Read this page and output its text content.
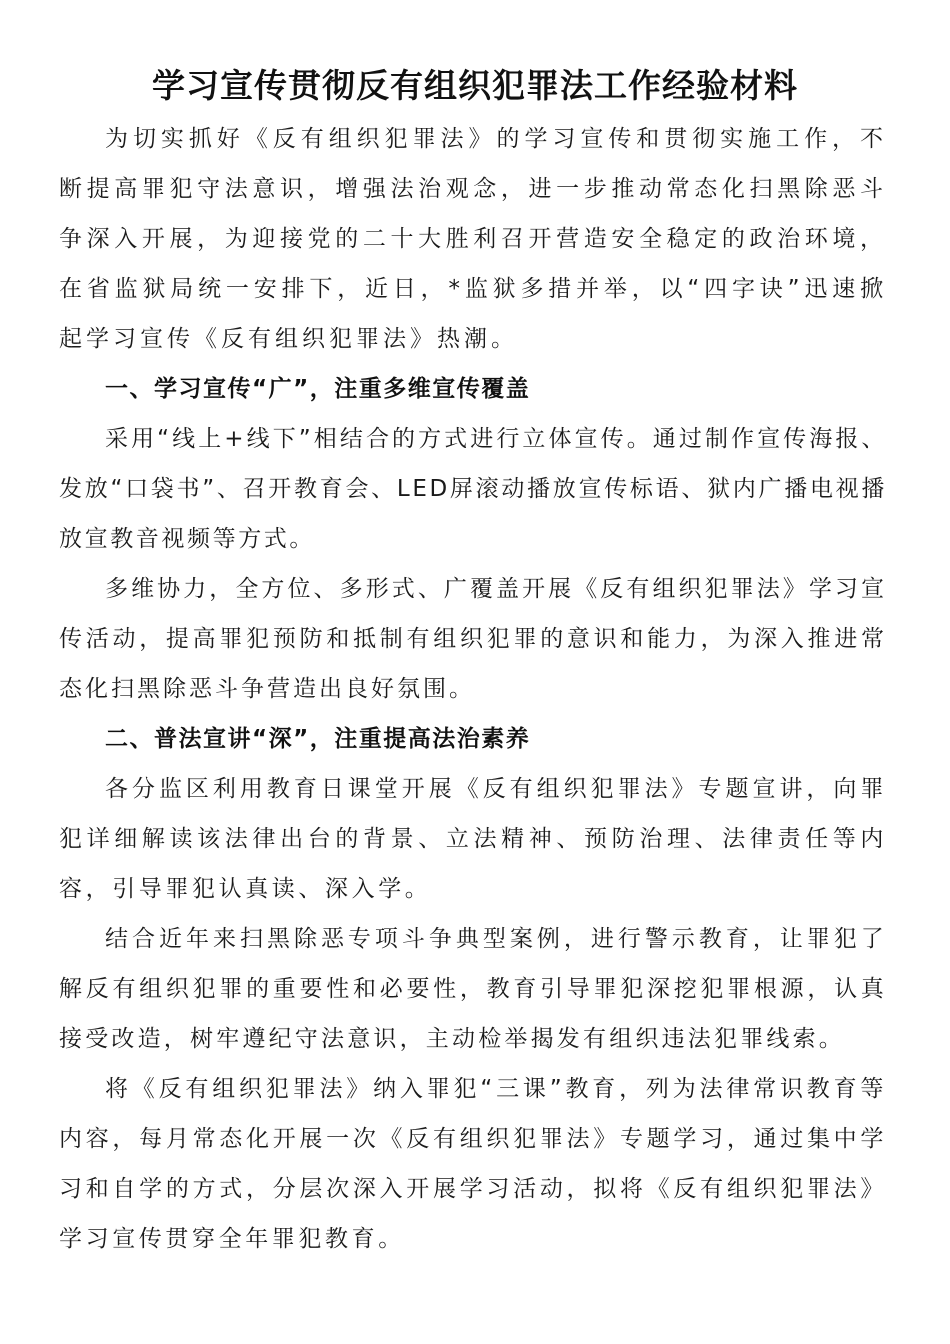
学习宣传贯彻反有组织犯罪法工作经验材料

为切实抓好《反有组织犯罪法》的学习宣传和贯彻实施工作，不断提高罪犯守法意识，增强法治观念，进一步推动常态化扫黑除恶斗争深入开展，为迎接党的二十大胜利召开营造安全稳定的政治环境，在省监狱局统一安排下，近日，*监狱多措并举，以“四字诀”迅速掀起学习宣传《反有组织犯罪法》热潮。

一、学习宣传“广”，注重多维宣传覆盖

采用“线上+线下”相结合的方式进行立体宣传。通过制作宣传海报、发放“口袋书”、召开教育会、LED屏滚动播放宣传标语、狱内广播电视播放宣教音视频等方式。

多维协力，全方位、多形式、广覆盖开展《反有组织犯罪法》学习宣传活动，提高罪犯预防和抵制有组织犯罪的意识和能力，为深入推进常态化扫黑除恶斗争营造出良好氛围。

二、普法宣讲“深”，注重提高法治素养

各分监区利用教育日课堂开展《反有组织犯罪法》专题宣讲，向罪犯详细解读该法律出台的背景、立法精神、预防治理、法律责任等内容，引导罪犯认真读、深入学。

结合近年来扫黑除恶专项斗争典型案例，进行警示教育，让罪犯了解反有组织犯罪的重要性和必要性，教育引导罪犯深挖犯罪根源，认真接受改造，树牢遵纪守法意识，主动检举揭发有组织违法犯罪线索。

将《反有组织犯罪法》纳入罪犯“三课”教育，列为法律常识教育等内容，每月常态化开展一次《反有组织犯罪法》专题学习，通过集中学习和自学的方式，分层次深入开展学习活动，拟将《反有组织犯罪法》学习宣传贯穿全年罪犯教育。
